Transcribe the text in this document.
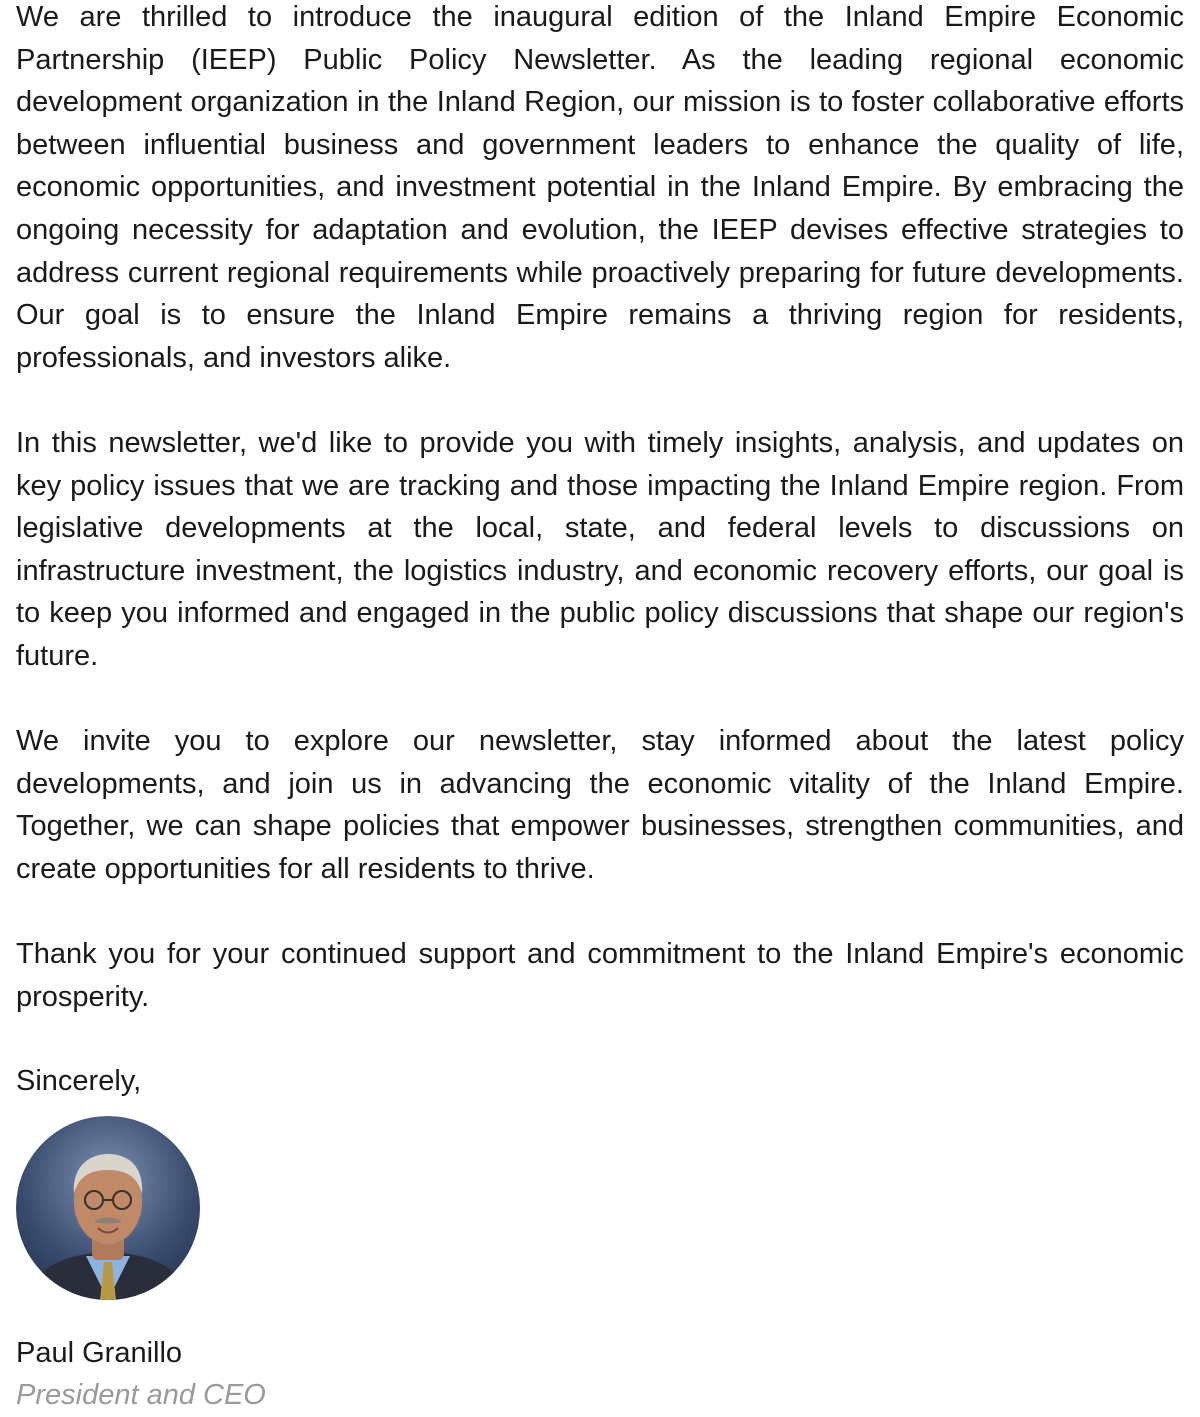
We are thrilled to introduce the inaugural edition of the Inland Empire Economic Partnership (IEEP) Public Policy Newsletter. As the leading regional economic development organization in the Inland Region, our mission is to foster collaborative efforts between influential business and government leaders to enhance the quality of life, economic opportunities, and investment potential in the Inland Empire. By embracing the ongoing necessity for adaptation and evolution, the IEEP devises effective strategies to address current regional requirements while proactively preparing for future developments. Our goal is to ensure the Inland Empire remains a thriving region for residents, professionals, and investors alike.

In this newsletter, we'd like to provide you with timely insights, analysis, and updates on key policy issues that we are tracking and those impacting the Inland Empire region. From legislative developments at the local, state, and federal levels to discussions on infrastructure investment, the logistics industry, and economic recovery efforts, our goal is to keep you informed and engaged in the public policy discussions that shape our region's future.

We invite you to explore our newsletter, stay informed about the latest policy developments, and join us in advancing the economic vitality of the Inland Empire. Together, we can shape policies that empower businesses, strengthen communities, and create opportunities for all residents to thrive.

Thank you for your continued support and commitment to the Inland Empire's economic prosperity.

Sincerely,

Paul Granillo

President and CEO
